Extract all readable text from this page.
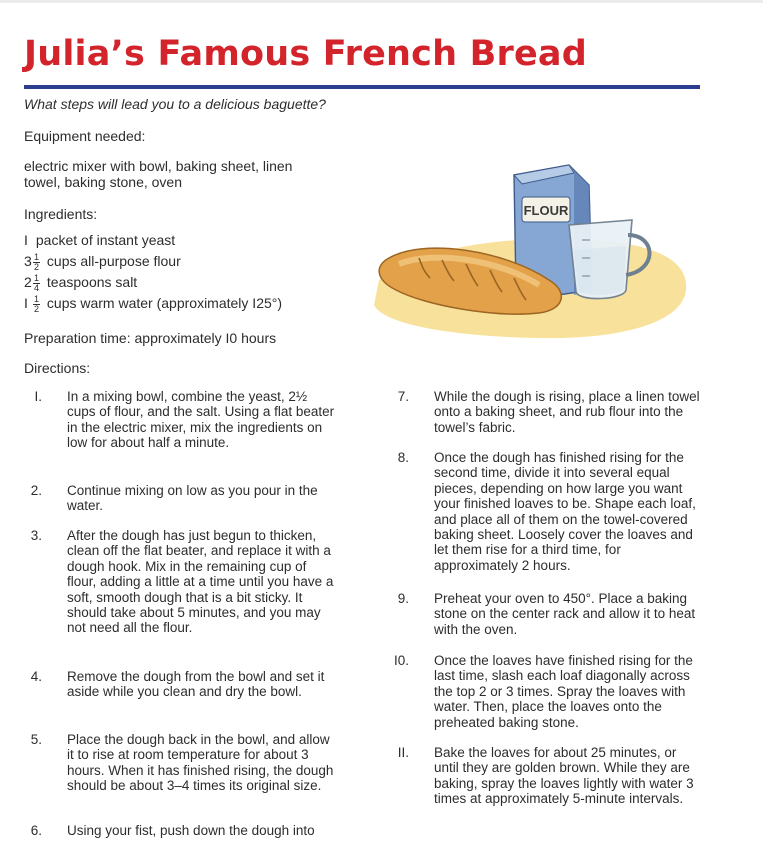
Julia’s Famous French Bread
What steps will lead you to a delicious baguette?
Equipment needed:
electric mixer with bowl, baking sheet, linen towel, baking stone, oven
Ingredients:
I packet of instant yeast
$3 \frac{1}{2}$ cups all-purpose flour
$2 \frac{1}{4}$ teaspoons salt
I $\frac{1}{2}$ cups warm water (approximately I25°)
Preparation time: approximately I0 hours
Directions:
FLOUR
I. In a mixing bowl, combine the yeast, 2½ cups of flour, and the salt. Using a flat beater in the electric mixer, mix the ingredients on low for about half a minute.
2. Continue mixing on low as you pour in the water.
3. After the dough has just begun to thicken, clean off the flat beater, and replace it with a dough hook. Mix in the remaining cup of flour, adding a little at a time until you have a soft, smooth dough that is a bit sticky. It should take about 5 minutes, and you may not need all the flour.
4. Remove the dough from the bowl and set it aside while you clean and dry the bowl.
5. Place the dough back in the bowl, and allow it to rise at room temperature for about 3 hours. When it has finished rising, the dough should be about 3–4 times its original size.
6. Using your fist, push down the dough into
7. While the dough is rising, place a linen towel onto a baking sheet, and rub flour into the towel’s fabric.
8. Once the dough has finished rising for the second time, divide it into several equal pieces, depending on how large you want your finished loaves to be. Shape each loaf, and place all of them on the towel-covered baking sheet. Loosely cover the loaves and let them rise for a third time, for approximately 2 hours.
9. Preheat your oven to 450°. Place a baking stone on the center rack and allow it to heat with the oven.
I0. Once the loaves have finished rising for the last time, slash each loaf diagonally across the top 2 or 3 times. Spray the loaves with water. Then, place the loaves onto the preheated baking stone.
II. Bake the loaves for about 25 minutes, or until they are golden brown. While they are baking, spray the loaves lightly with water 3 times at approximately 5-minute intervals.
